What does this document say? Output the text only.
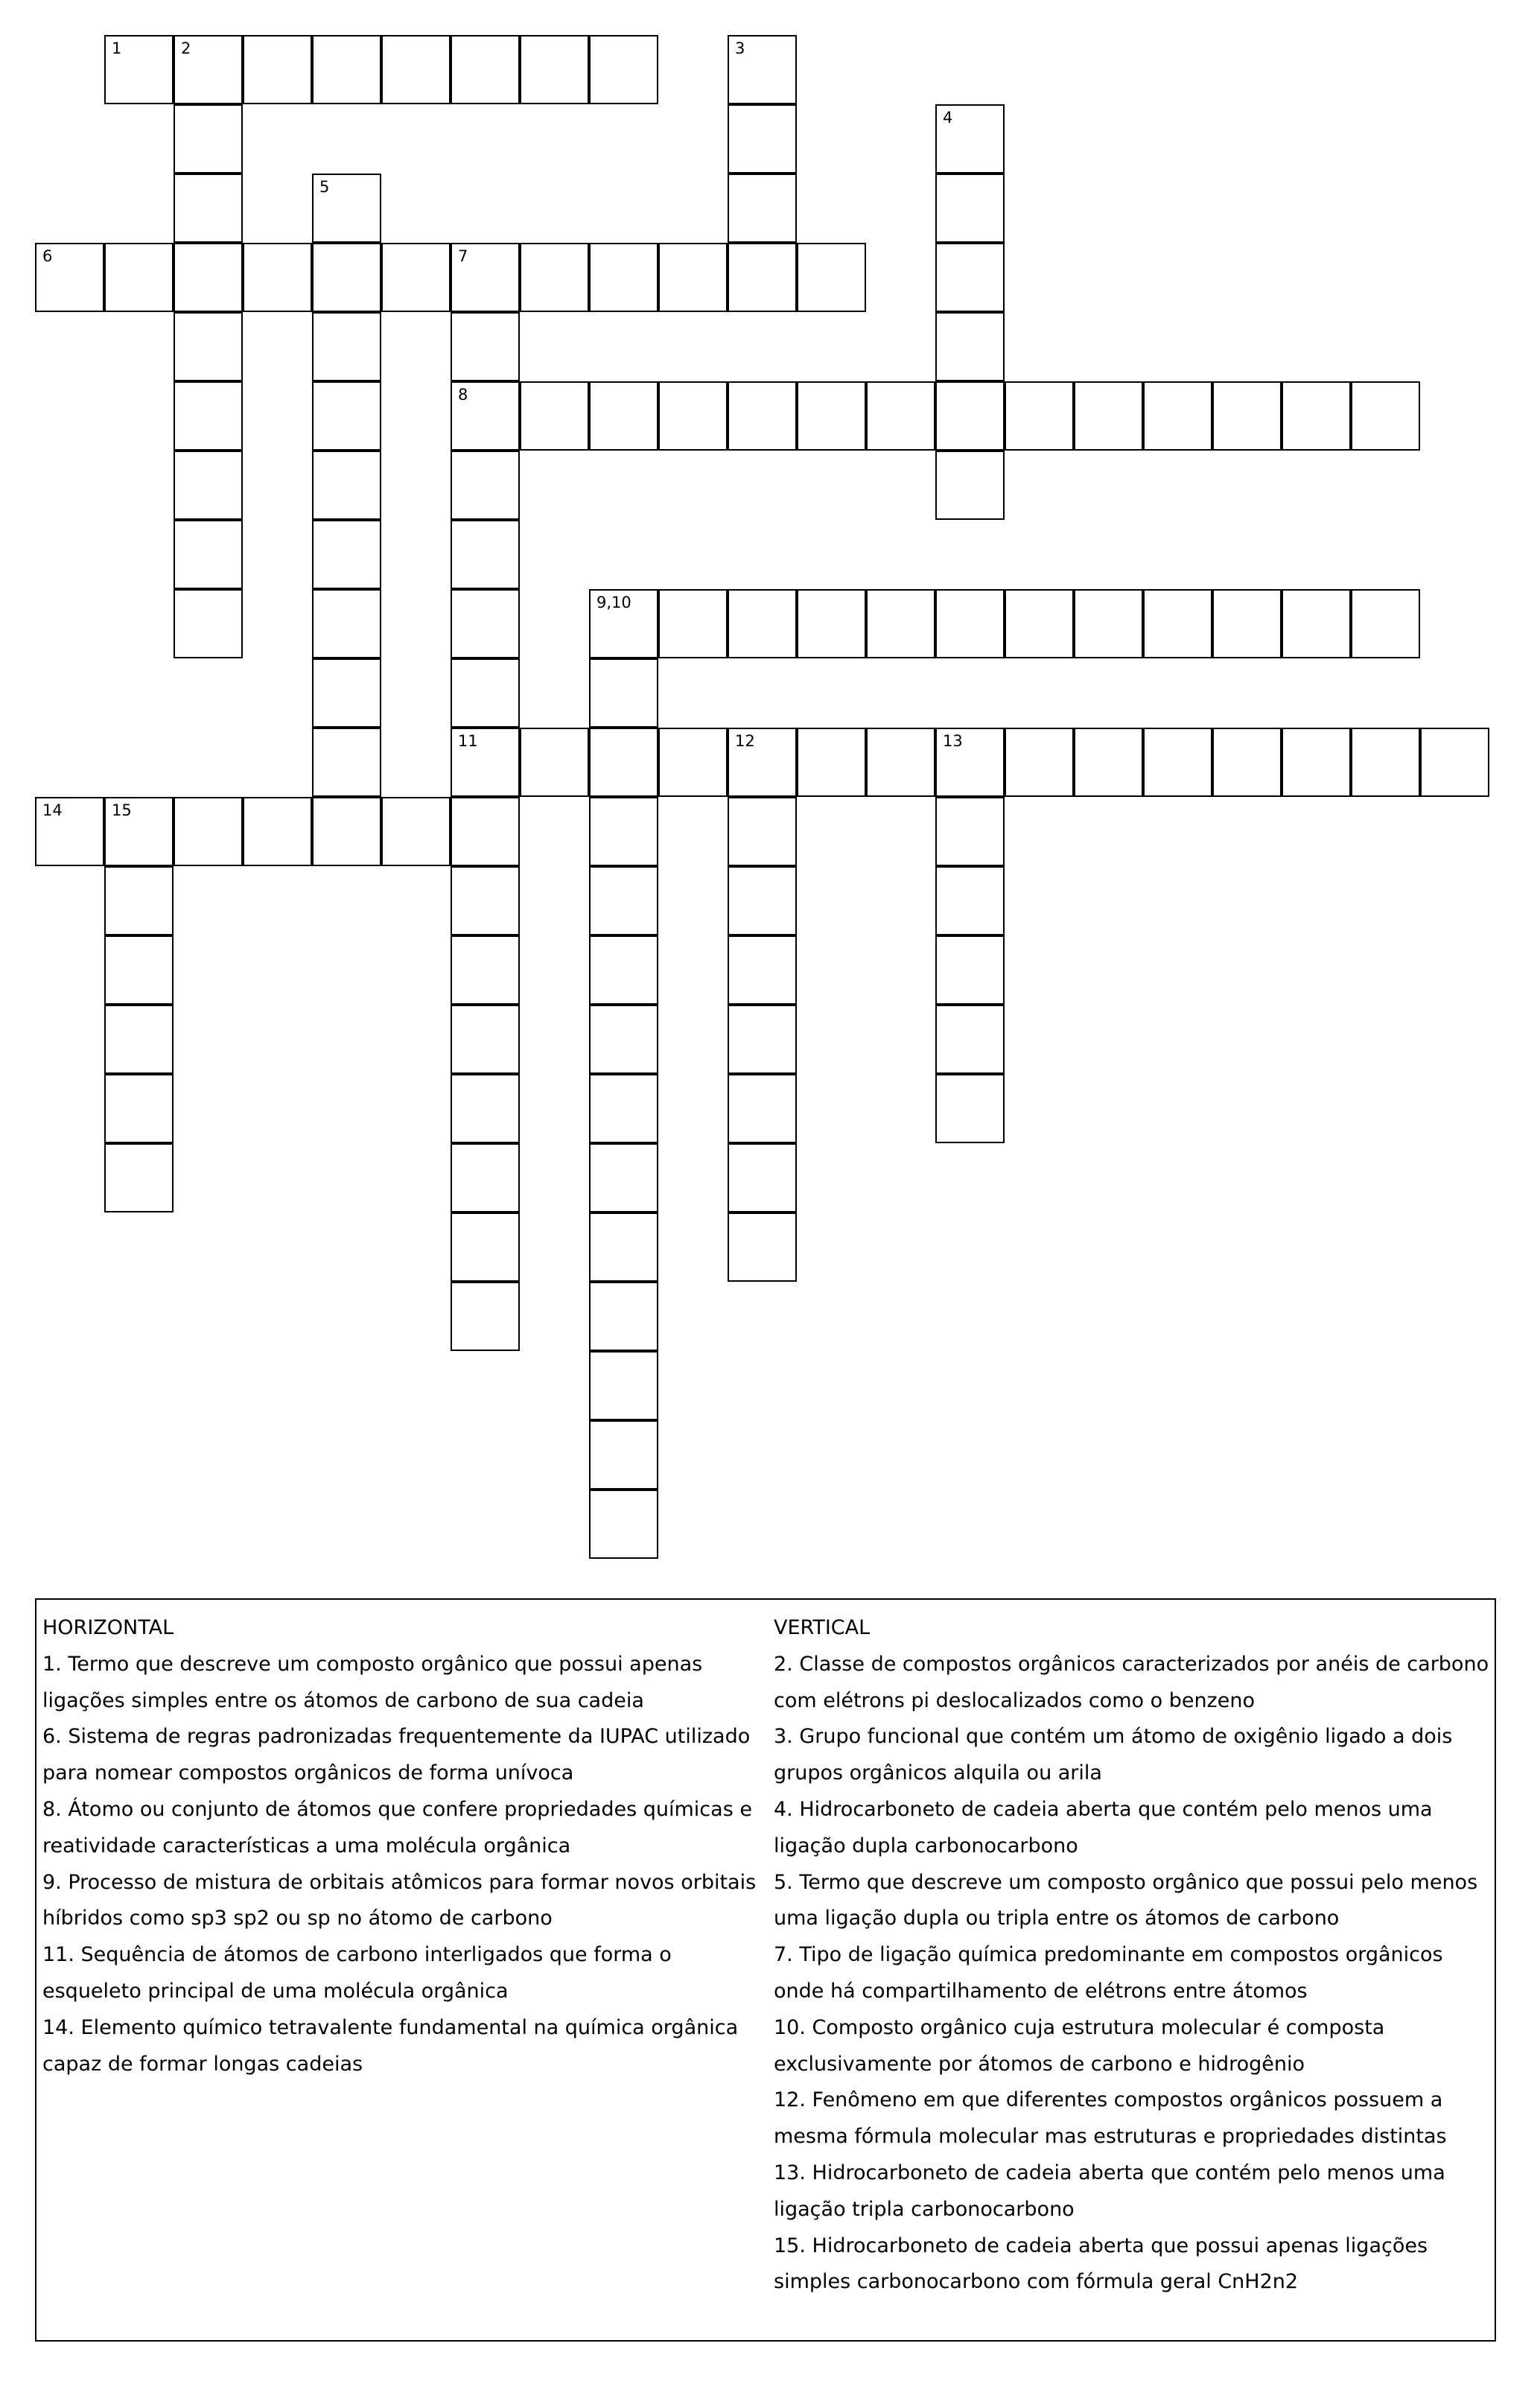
1	2	3
4
5
6	7
8
11
9,10
12	13
14	15

HORIZONTAL

1. Termo que descreve um composto orgânico que possui apenas ligações simples entre os átomos de carbono de sua cadeia

6. Sistema de regras padronizadas frequentemente da IUPAC utilizado para nomear compostos orgânicos de forma unívoca

8. Átomo ou conjunto de átomos que confere propriedades químicas e reatividade características a uma molécula orgânica

9. Processo de mistura de orbitais atômicos para formar novos orbitais híbridos como sp3 sp2 ou sp no átomo de carbono

11. Sequência de átomos de carbono interligados que forma o esqueleto principal de uma molécula orgânica

14. Elemento químico tetravalente fundamental na química orgânica capaz de formar longas cadeias

VERTICAL

2. Classe de compostos orgânicos caracterizados por anéis de carbono com elétrons pi deslocalizados como o benzeno

3. Grupo funcional que contém um átomo de oxigênio ligado a dois grupos orgânicos alquila ou arila

4. Hidrocarboneto de cadeia aberta que contém pelo menos uma ligação dupla carbonocarbono

5. Termo que descreve um composto orgânico que possui pelo menos uma ligação dupla ou tripla entre os átomos de carbono

7. Tipo de ligação química predominante em compostos orgânicos onde há compartilhamento de elétrons entre átomos

10. Composto orgânico cuja estrutura molecular é composta exclusivamente por átomos de carbono e hidrogênio

12. Fenômeno em que diferentes compostos orgânicos possuem a mesma fórmula molecular mas estruturas e propriedades distintas

13. Hidrocarboneto de cadeia aberta que contém pelo menos uma ligação tripla carbonocarbono

15. Hidrocarboneto de cadeia aberta que possui apenas ligações simples carbonocarbono com fórmula geral CnH2n2
